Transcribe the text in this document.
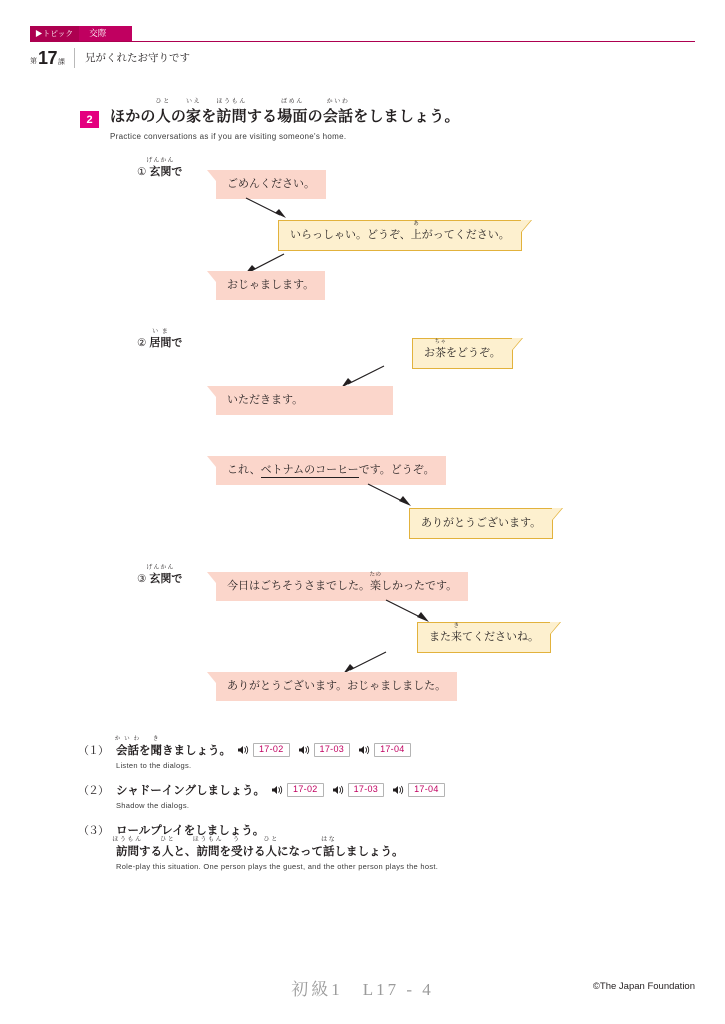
▶トピック	交際
第 17 課	兄がくれたお守りです
2	ほかの
ひと
人の
いえ
家を
ほうもん
訪問する
ばめん
場面の
かいわ
会話をしましょう。
Practice conversations as if you are visiting someone's home.
①
げんかん
玄関で
ごめんください。
いらっしゃい。どうぞ、
あ
上がってください。
おじゃまします。
②
い ま
居間で
お
ちゃ
茶をどうぞ。
いただきます。
これ、ベトナムのコーヒーです。どうぞ。
ありがとうございます。
③
げんかん
玄関で
今日はごちそうさまでした。
たの
楽しかったです。
また
き
来てくださいね。
ありがとうございます。おじゃましました。
（１）
か い わ
会話を
き
聞きましょう。	17-02	17-03	17-04
Listen to the dialogs.
（２） シャドーイングしましょう。	17-02	17-03	17-04
Shadow the dialogs.
（３） ロールプレイをしましょう。
ほうもん
訪問する
ひと
人と、
ほうもん
訪問を
う
受ける
ひと
人になって
はな
話しましょう。
Role-play this situation. One person plays the guest, and the other person plays the host.
初級1　L17 - 4	©The Japan Foundation
